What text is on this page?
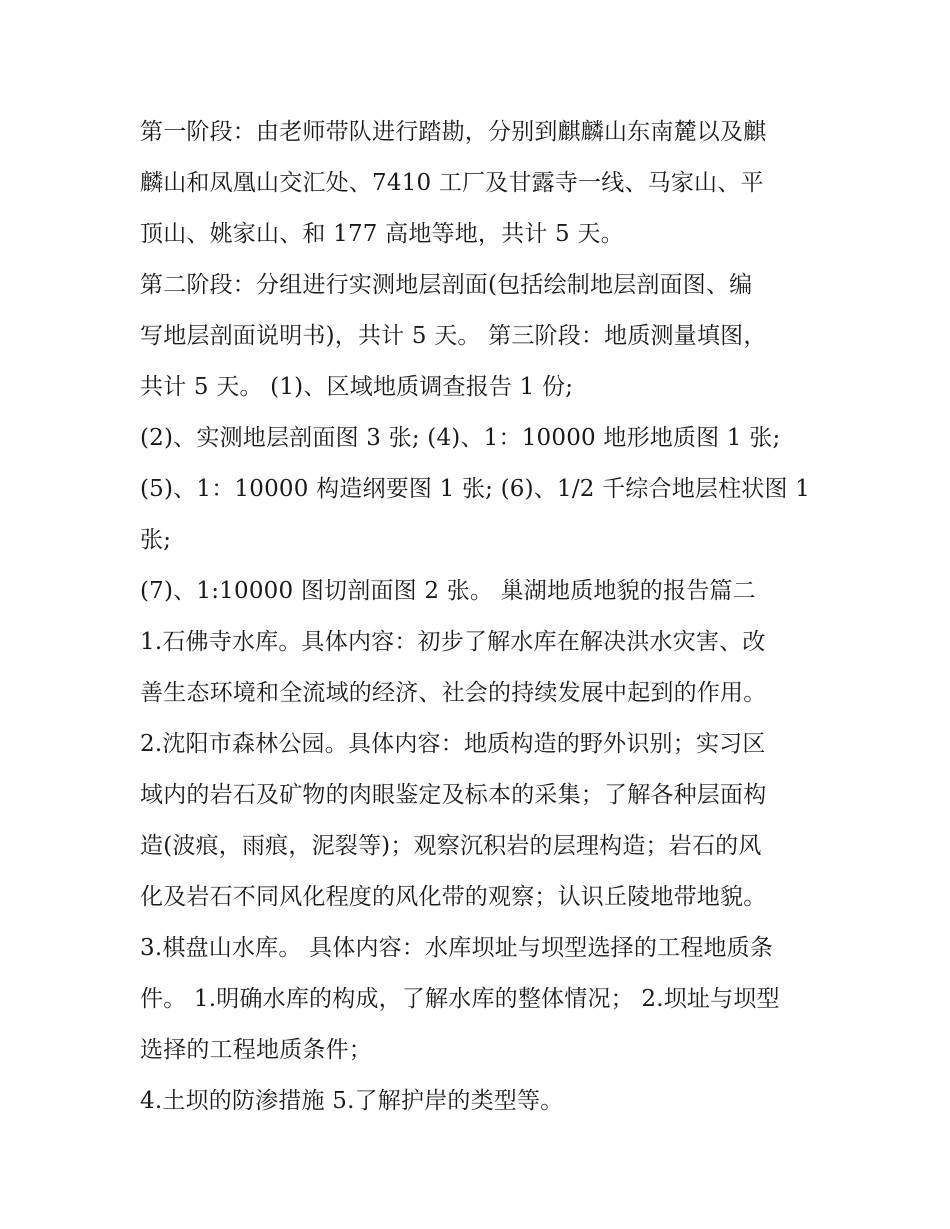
第一阶段：由老师带队进行踏勘，分别到麒麟山东南麓以及麒
麟山和凤凰山交汇处、7410 工厂及甘露寺一线、马家山、平
顶山、姚家山、和 177 高地等地，共计 5 天。
第二阶段：分组进行实测地层剖面(包括绘制地层剖面图、编
写地层剖面说明书)，共计 5 天。 第三阶段：地质测量填图，
共计 5 天。 (1)、区域地质调查报告 1 份;
(2)、实测地层剖面图 3 张; (4)、1：10000 地形地质图 1 张;
(5)、1：10000 构造纲要图 1 张; (6)、1/2 千综合地层柱状图 1
张;
(7)、1:10000 图切剖面图 2 张。 巢湖地质地貌的报告篇二
1.石佛寺水库。具体内容：初步了解水库在解决洪水灾害、改
善生态环境和全流域的经济、社会的持续发展中起到的作用。
2.沈阳市森林公园。具体内容：地质构造的野外识别；实习区
域内的岩石及矿物的肉眼鉴定及标本的采集；了解各种层面构
造(波痕，雨痕，泥裂等)；观察沉积岩的层理构造；岩石的风
化及岩石不同风化程度的风化带的观察；认识丘陵地带地貌。
3.棋盘山水库。 具体内容：水库坝址与坝型选择的工程地质条
件。 1.明确水库的构成，了解水库的整体情况； 2.坝址与坝型
选择的工程地质条件；
4.土坝的防渗措施 5.了解护岸的类型等。
